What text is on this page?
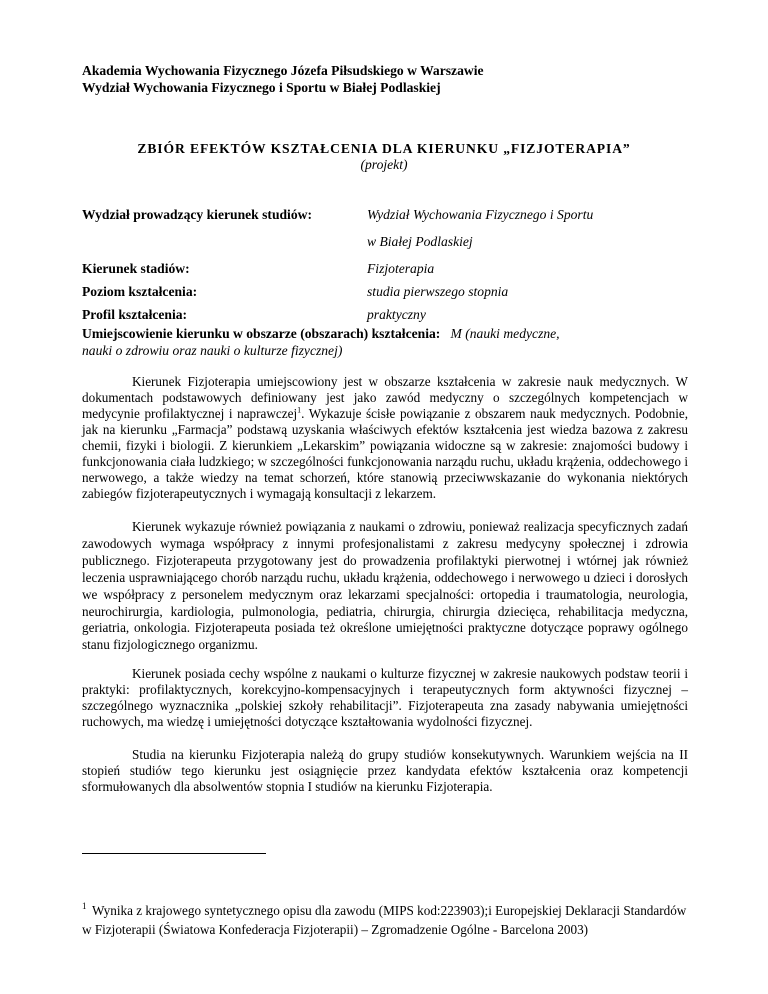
Akademia Wychowania Fizycznego Józefa Piłsudskiego w Warszawie
Wydział Wychowania Fizycznego i Sportu w Białej Podlaskiej
ZBIÓR EFEKTÓW KSZTAŁCENIA DLA KIERUNKU „FIZJOTERAPIA”
(projekt)
Wydział prowadzący kierunek studiów:	Wydział Wychowania Fizycznego i Sportu
w Białej Podlaskiej
Kierunek stadiów:	Fizjoterapia
Poziom kształcenia:	studia pierwszego stopnia
Profil kształcenia:	praktyczny
Umiejscowienie kierunku w obszarze (obszarach) kształcenia: M (nauki medyczne,
nauki o zdrowiu oraz nauki o kulturze fizycznej)

Kierunek Fizjoterapia umiejscowiony jest w obszarze kształcenia w zakresie nauk medycznych. W dokumentach podstawowych definiowany jest jako zawód medyczny o szczególnych kompetencjach w medycynie profilaktycznej i naprawczej$^1$. Wykazuje ścisłe powiązanie z obszarem nauk medycznych. Podobnie, jak na kierunku „Farmacja” podstawą uzyskania właściwych efektów kształcenia jest wiedza bazowa z zakresu chemii, fizyki i biologii. Z kierunkiem „Lekarskim” powiązania widoczne są w zakresie: znajomości budowy i funkcjonowania ciała ludzkiego; w szczególności funkcjonowania narządu ruchu, układu krążenia, oddechowego i nerwowego, a także wiedzy na temat schorzeń, które stanowią przeciwwskazanie do wykonania niektórych zabiegów fizjoterapeutycznych i wymagają konsultacji z lekarzem.

Kierunek wykazuje również powiązania z naukami o zdrowiu, ponieważ realizacja specyficznych zadań zawodowych wymaga współpracy z innymi profesjonalistami z zakresu medycyny społecznej i zdrowia publicznego. Fizjoterapeuta przygotowany jest do prowadzenia profilaktyki pierwotnej i wtórnej jak również leczenia usprawniającego chorób narządu ruchu, układu krążenia, oddechowego i nerwowego u dzieci i dorosłych we współpracy z personelem medycznym oraz lekarzami specjalności: ortopedia i traumatologia, neurologia, neurochirurgia, kardiologia, pulmonologia, pediatria, chirurgia, chirurgia dziecięca, rehabilitacja medyczna, geriatria, onkologia. Fizjoterapeuta posiada też określone umiejętności praktyczne dotyczące poprawy ogólnego stanu fizjologicznego organizmu.

Kierunek posiada cechy wspólne z naukami o kulturze fizycznej w zakresie naukowych podstaw teorii i praktyki: profilaktycznych, korekcyjno-kompensacyjnych i terapeutycznych form aktywności fizycznej – szczególnego wyznacznika „polskiej szkoły rehabilitacji”. Fizjoterapeuta zna zasady nabywania umiejętności ruchowych, ma wiedzę i umiejętności dotyczące kształtowania wydolności fizycznej.

Studia na kierunku Fizjoterapia należą do grupy studiów konsekutywnych. Warunkiem wejścia na II stopień studiów tego kierunku jest osiągnięcie przez kandydata efektów kształcenia oraz kompetencji sformułowanych dla absolwentów stopnia I studiów na kierunku Fizjoterapia.

1 Wynika z krajowego syntetycznego opisu dla zawodu (MIPS kod:223903);i Europejskiej Deklaracji Standardów w Fizjoterapii (Światowa Konfederacja Fizjoterapii) – Zgromadzenie Ogólne - Barcelona 2003)
